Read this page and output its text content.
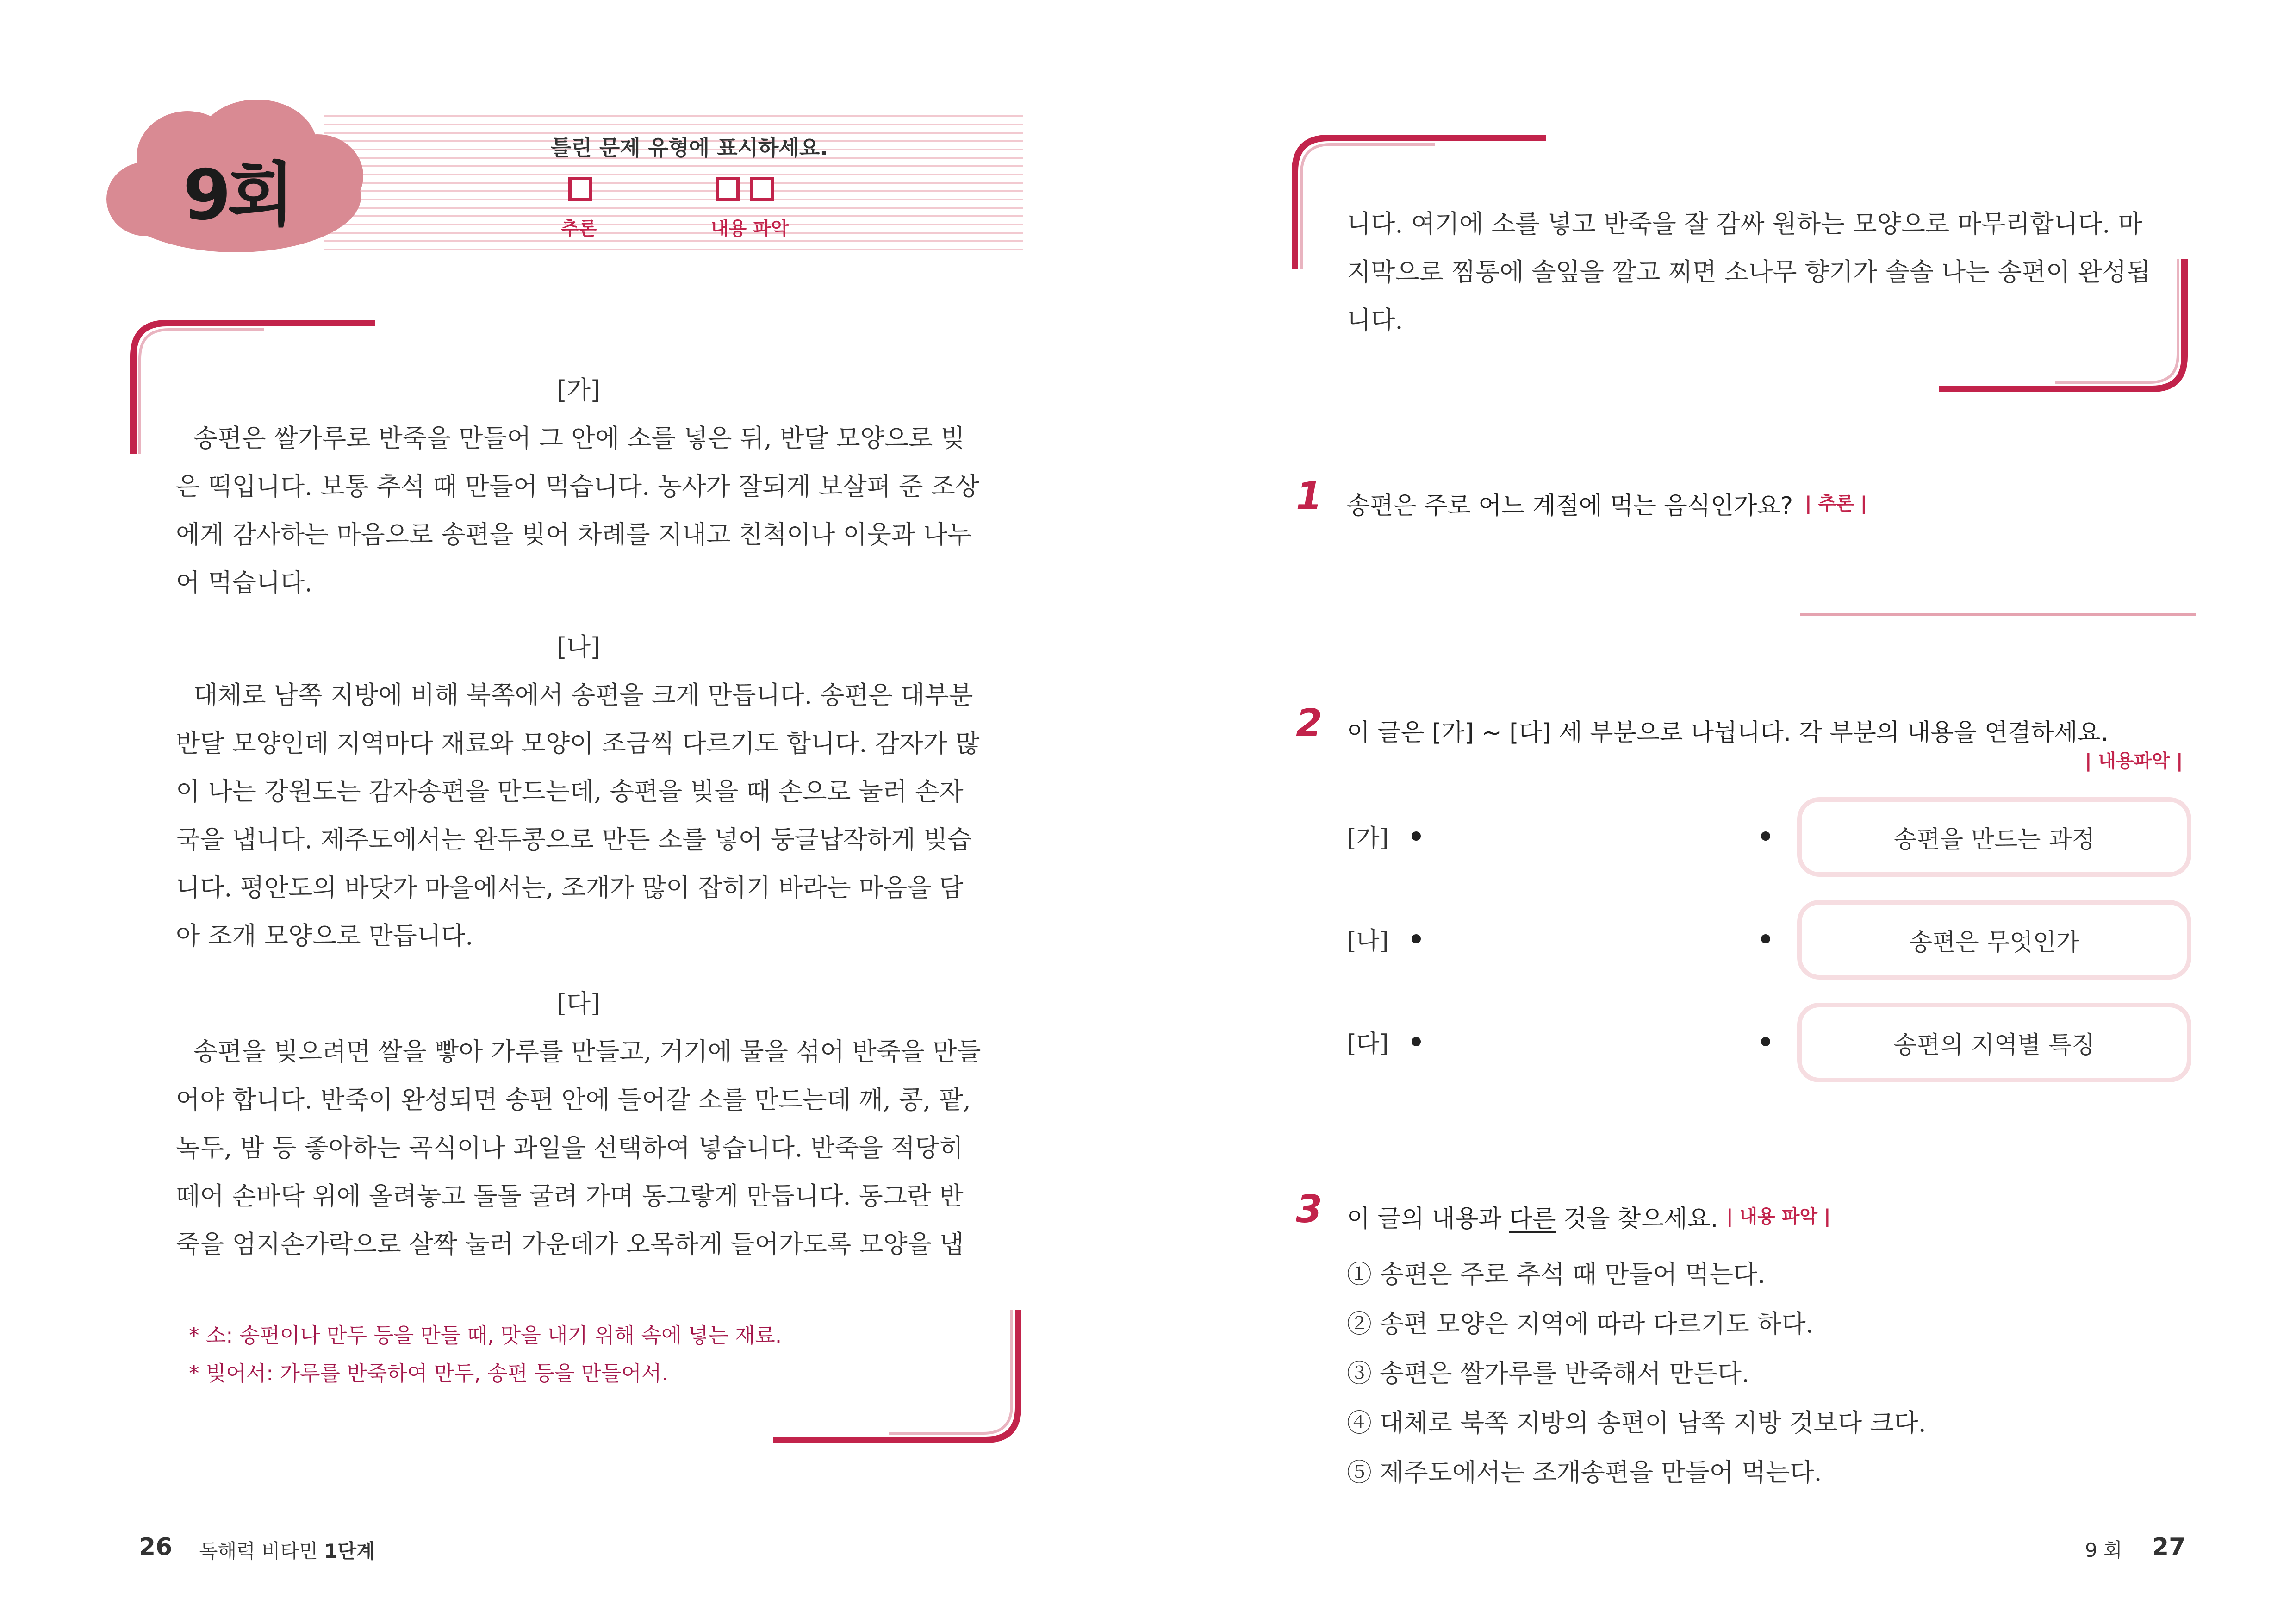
9회
틀린 문제 유형에 표시하세요.
추론	내용 파악
[가]
송편은 쌀가루로 반죽을 만들어 그 안에 소를 넣은 뒤, 반달 모양으로 빚
은 떡입니다. 보통 추석 때 만들어 먹습니다. 농사가 잘되게 보살펴 준 조상
에게 감사하는 마음으로 송편을 빚어 차례를 지내고 친척이나 이웃과 나누
어 먹습니다.
[나]
대체로 남쪽 지방에 비해 북쪽에서 송편을 크게 만듭니다. 송편은 대부분
반달 모양인데 지역마다 재료와 모양이 조금씩 다르기도 합니다. 감자가 많
이 나는 강원도는 감자송편을 만드는데, 송편을 빚을 때 손으로 눌러 손자
국을 냅니다. 제주도에서는 완두콩으로 만든 소를 넣어 둥글납작하게 빚습
니다. 평안도의 바닷가 마을에서는, 조개가 많이 잡히기 바라는 마음을 담
아 조개 모양으로 만듭니다.
[다]
송편을 빚으려면 쌀을 빻아 가루를 만들고, 거기에 물을 섞어 반죽을 만들
어야 합니다. 반죽이 완성되면 송편 안에 들어갈 소를 만드는데 깨, 콩, 팥,
녹두, 밤 등 좋아하는 곡식이나 과일을 선택하여 넣습니다. 반죽을 적당히
떼어 손바닥 위에 올려놓고 돌돌 굴려 가며 동그랗게 만듭니다. 동그란 반
죽을 엄지손가락으로 살짝 눌러 가운데가 오목하게 들어가도록 모양을 냅
* 소: 송편이나 만두 등을 만들 때, 맛을 내기 위해 속에 넣는 재료.
* 빚어서: 가루를 반죽하여 만두, 송편 등을 만들어서.
26 독해력 비타민 1단계
니다. 여기에 소를 넣고 반죽을 잘 감싸 원하는 모양으로 마무리합니다. 마
지막으로 찜통에 솔잎을 깔고 찌면 소나무 향기가 솔솔 나는 송편이 완성됩
니다.
1 송편은 주로 어느 계절에 먹는 음식인가요? | 추론 |
2 이 글은 [가] ~ [다] 세 부분으로 나뉩니다. 각 부분의 내용을 연결하세요.
| 내용파악 |
[가]
[나]
[다]
송편을 만드는 과정
송편은 무엇인가
송편의 지역별 특징
3 이 글의 내용과 다른 것을 찾으세요. | 내용 파악 |
① 송편은 주로 추석 때 만들어 먹는다.
② 송편 모양은 지역에 따라 다르기도 하다.
③ 송편은 쌀가루를 반죽해서 만든다.
④ 대체로 북쪽 지방의 송편이 남쪽 지방 것보다 크다.
⑤ 제주도에서는 조개송편을 만들어 먹는다.
9 회 27
